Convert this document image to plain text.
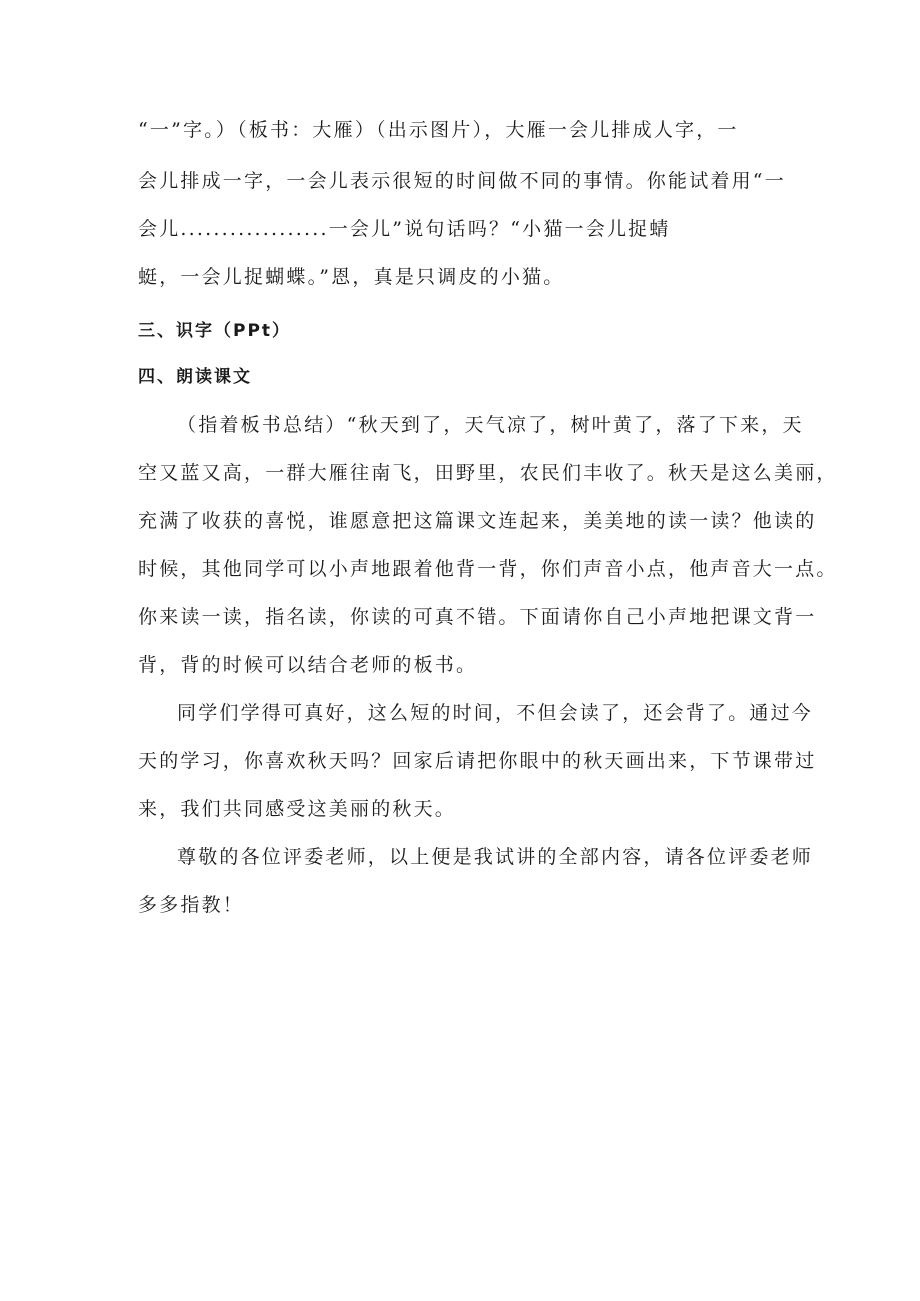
“一”字。）（板书：大雁）（出示图片），大雁一会儿排成人字，一
会儿排成一字，一会儿表示很短的时间做不同的事情。你能试着用“一
会儿..................一会儿”说句话吗？“小猫一会儿捉蜻
蜓，一会儿捉蝴蝶。”恩，真是只调皮的小猫。
三、识字（PPt）
四、朗读课文
（指着板书总结）“秋天到了，天气凉了，树叶黄了，落了下来，天
空又蓝又高，一群大雁往南飞，田野里，农民们丰收了。秋天是这么美丽，
充满了收获的喜悦，谁愿意把这篇课文连起来，美美地的读一读？他读的
时候，其他同学可以小声地跟着他背一背，你们声音小点，他声音大一点。
你来读一读，指名读，你读的可真不错。下面请你自己小声地把课文背一
背，背的时候可以结合老师的板书。
同学们学得可真好，这么短的时间，不但会读了，还会背了。通过今
天的学习，你喜欢秋天吗？回家后请把你眼中的秋天画出来，下节课带过
来，我们共同感受这美丽的秋天。
尊敬的各位评委老师，以上便是我试讲的全部内容，请各位评委老师
多多指教！
